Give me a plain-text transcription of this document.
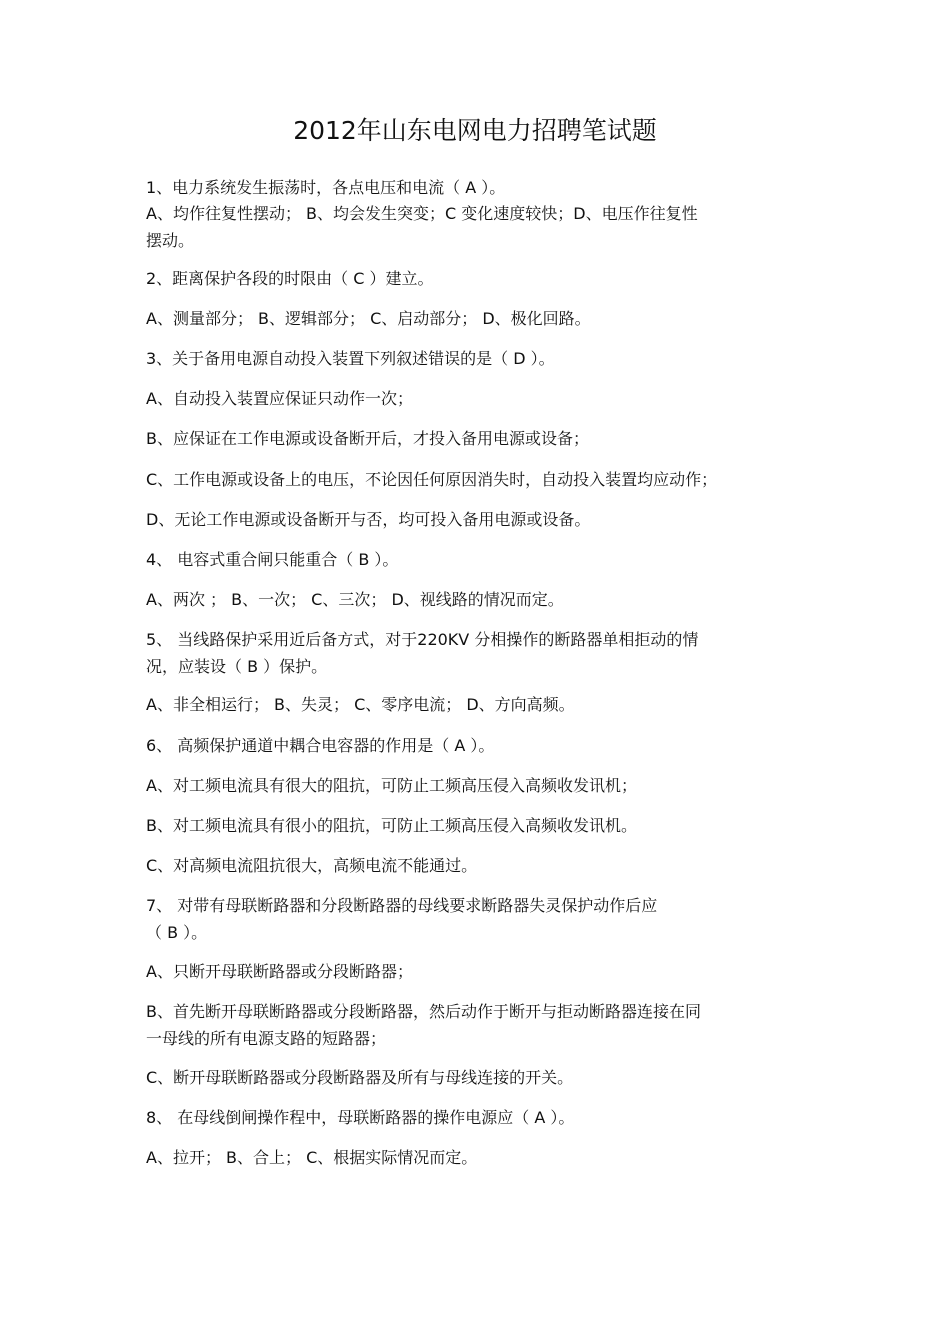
2012年山东电网电力招聘笔试题
1、电力系统发生振荡时，各点电压和电流（ A ）。
A、均作往复性摆动； B、均会发生突变；C 变化速度较快；D、电压作往复性
摆动。
2、距离保护各段的时限由（ C ）建立。
A、测量部分； B、逻辑部分； C、启动部分； D、极化回路。
3、关于备用电源自动投入装置下列叙述错误的是（ D ）。
A、自动投入装置应保证只动作一次；
B、应保证在工作电源或设备断开后，才投入备用电源或设备；
C、工作电源或设备上的电压，不论因任何原因消失时，自动投入装置均应动作；
D、无论工作电源或设备断开与否，均可投入备用电源或设备。
4、 电容式重合闸只能重合（ B ）。
A、两次 ； B、一次； C、三次； D、视线路的情况而定。
5、 当线路保护采用近后备方式，对于220KV 分相操作的断路器单相拒动的情
况，应装设（ B ）保护。
A、非全相运行； B、失灵； C、零序电流； D、方向高频。
6、 高频保护通道中耦合电容器的作用是（ A ）。
A、对工频电流具有很大的阻抗，可防止工频高压侵入高频收发讯机；
B、对工频电流具有很小的阻抗，可防止工频高压侵入高频收发讯机。
C、对高频电流阻抗很大，高频电流不能通过。
7、 对带有母联断路器和分段断路器的母线要求断路器失灵保护动作后应
（ B ）。
A、只断开母联断路器或分段断路器；
B、首先断开母联断路器或分段断路器，然后动作于断开与拒动断路器连接在同
一母线的所有电源支路的短路器；
C、断开母联断路器或分段断路器及所有与母线连接的开关。
8、 在母线倒闸操作程中，母联断路器的操作电源应（ A ）。
A、拉开； B、合上； C、根据实际情况而定。
